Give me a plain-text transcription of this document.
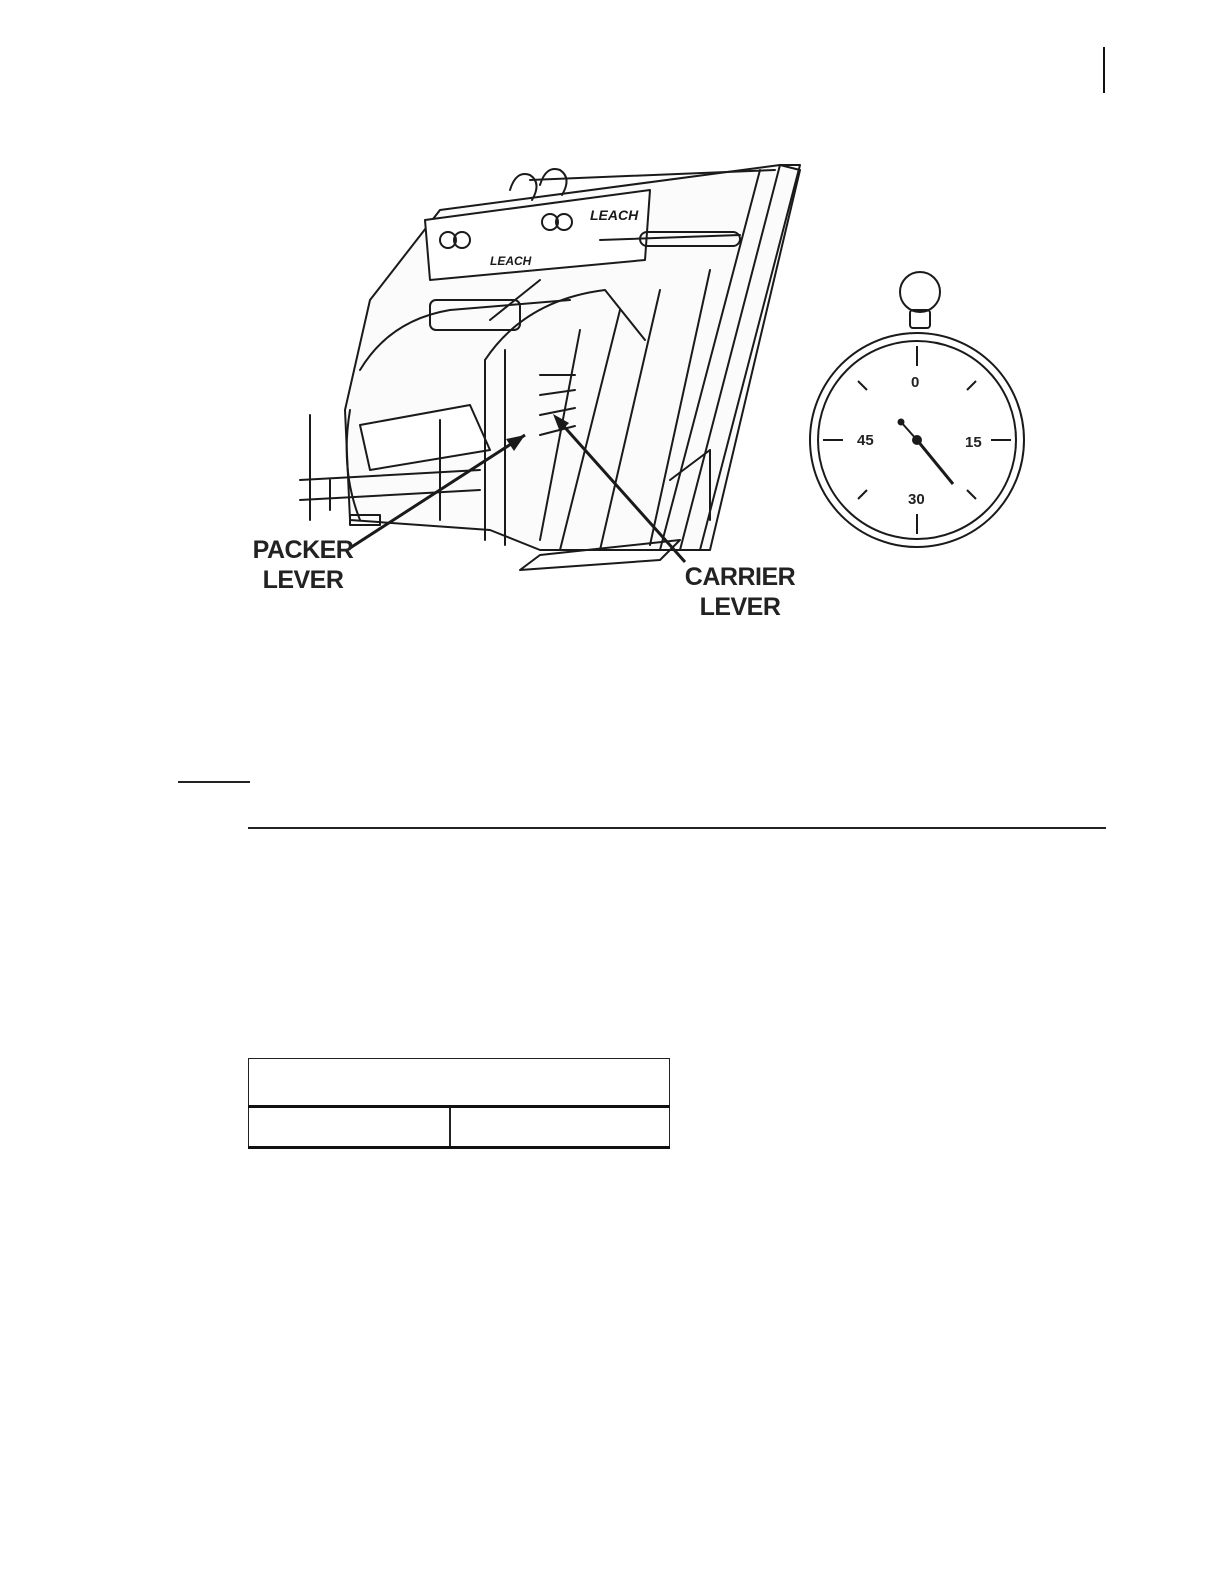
LEACH
LEACH
PACKER
LEVER	CARRIER
LEVER
0
15
30
45
